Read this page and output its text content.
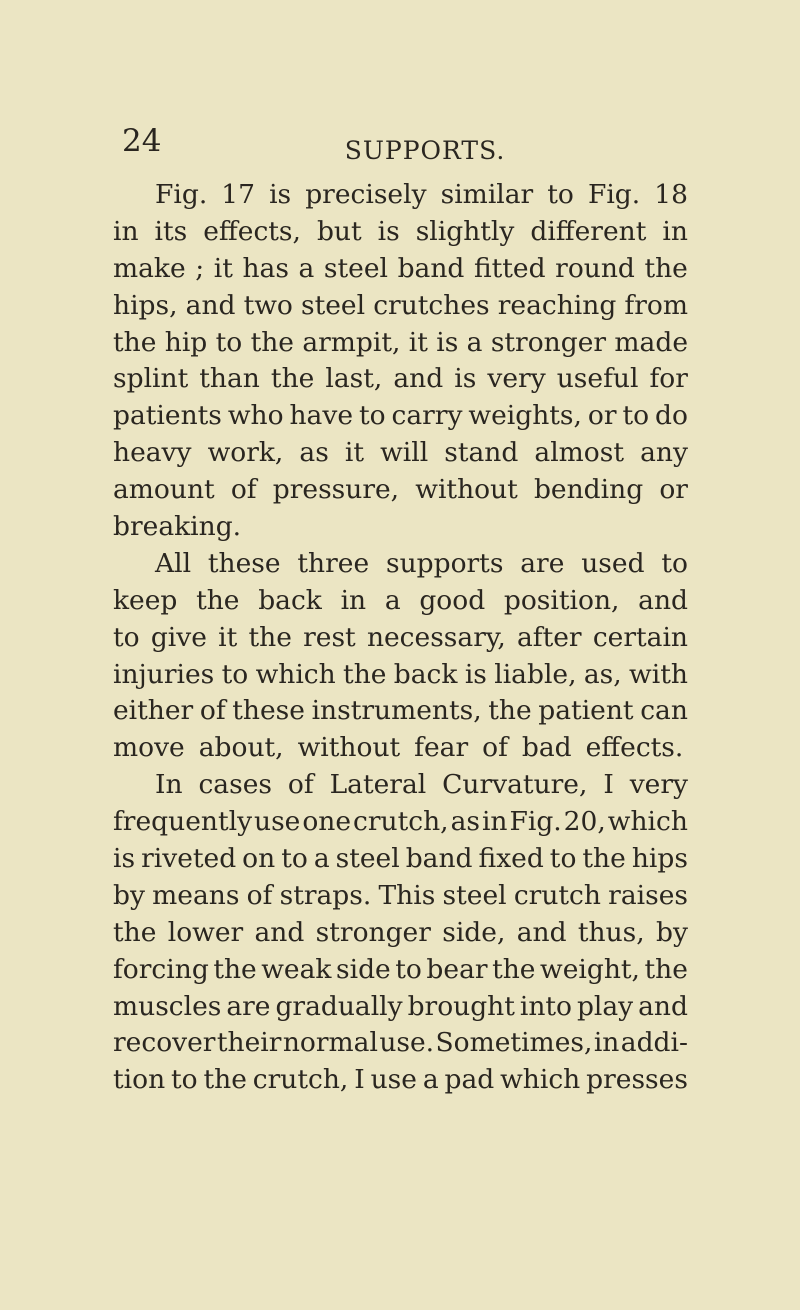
24	SUPPORTS.
Fig. 17 is precisely similar to Fig. 18
in its effects, but is slightly different in
make ; it has a steel band fitted round the
hips, and two steel crutches reaching from
the hip to the armpit, it is a stronger made
splint than the last, and is very useful for
patients who have to carry weights, or to do
heavy work, as it will stand almost any
amount of pressure, without bending or
breaking.
All these three supports are used to
keep the back in a good position, and
to give it the rest necessary, after certain
injuries to which the back is liable, as, with
either of these instruments, the patient can
move about, without fear of bad effects.
In cases of Lateral Curvature, I very
frequently use one crutch, as in Fig. 20, which
is riveted on to a steel band fixed to the hips
by means of straps. This steel crutch raises
the lower and stronger side, and thus, by
forcing the weak side to bear the weight, the
muscles are gradually brought into play and
recover their normal use. Sometimes, in addi-
tion to the crutch, I use a pad which presses
